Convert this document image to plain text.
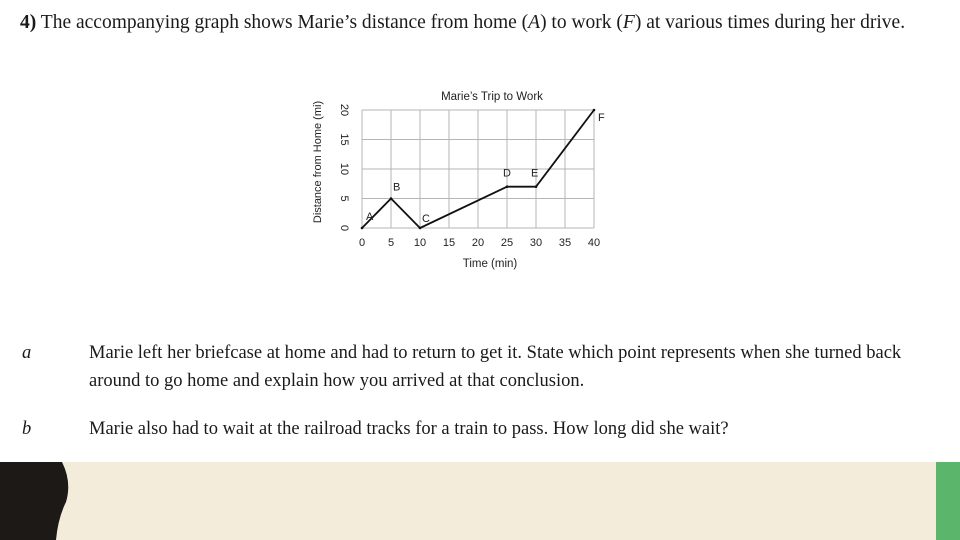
4) The accompanying graph shows Marie’s distance from home (A) to work (F) at various times during her drive.
Marie’s Trip to Work
Time (min)
Distance from Home (mi)
0 5 10 15 20 25 30 35 40
0
5
10
15
20
A
B
C
D E
F
a	Marie left her briefcase at home and had to return to get it. State which point represents when she turned back around to go home and explain how you arrived at that conclusion.
b	Marie also had to wait at the railroad tracks for a train to pass. How long did she wait?
